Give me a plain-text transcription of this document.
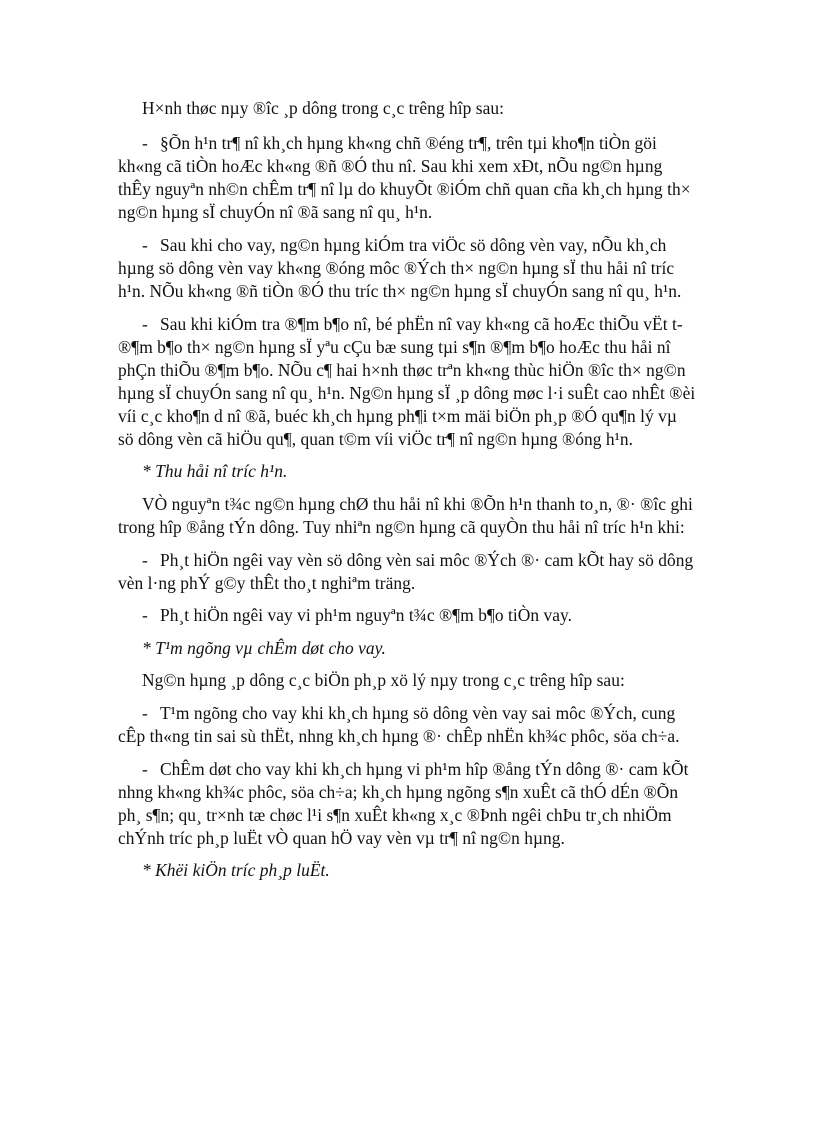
H×nh thøc nµy ®îc ¸p dông trong c¸c trêng hîp sau:

- §Õn h¹n tr¶ nî kh¸ch hµng kh«ng chñ ®éng tr¶, trên tµi kho¶n tiÒn göi kh«ng cã tiÒn hoÆc kh«ng ®ñ ®Ó thu nî. Sau khi xem xÐt, nÕu ng©n hµng thÊy nguyªn nh©n chÊm tr¶ nî lµ do khuyÕt ®iÓm chñ quan cña kh¸ch hµng th× ng©n hµng sÏ chuyÓn nî ®ã sang nî qu¸ h¹n.

- Sau khi cho vay, ng©n hµng kiÓm tra viÖc sö dông vèn vay, nÕu kh¸ch hµng sö dông vèn vay kh«ng ®óng môc ®Ých th× ng©n hµng sÏ thu håi nî tríc h¹n. NÕu kh«ng ®ñ tiÒn ®Ó thu tríc th× ng©n hµng sÏ chuyÓn sang nî qu¸ h¹n.

- Sau khi kiÓm tra ®¶m b¶o nî, bé phËn nî vay kh«ng cã hoÆc thiÕu vËt t ®¶m b¶o th× ng©n hµng sÏ yªu cÇu bæ sung tµi s¶n ®¶m b¶o hoÆc thu håi nî phÇn thiÕu ®¶m b¶o. NÕu c¶ hai h×nh thøc trªn kh«ng thùc hiÖn ®îc th× ng©n hµng sÏ chuyÓn sang nî qu¸ h¹n. Ng©n hµng sÏ ¸p dông møc l·i suÊt cao nhÊt ®èi víi c¸c kho¶n d nî ®ã, buéc kh¸ch hµng ph¶i t×m mäi biÖn ph¸p ®Ó qu¶n lý vµ sö dông vèn cã hiÖu qu¶, quan t©m víi viÖc tr¶ nî ng©n hµng ®óng h¹n.

* Thu håi nî tríc h¹n.

VÒ nguyªn t¾c ng©n hµng chØ thu håi nî khi ®Õn h¹n thanh to¸n, ®· ®îc ghi trong hîp ®ång tÝn dông. Tuy nhiªn ng©n hµng cã quyÒn thu håi nî tríc h¹n khi:

- Ph¸t hiÖn ngêi vay vèn sö dông vèn sai môc ®Ých ®· cam kÕt hay sö dông vèn l·ng phÝ g©y thÊt tho¸t nghiªm träng.

- Ph¸t hiÖn ngêi vay vi ph¹m nguyªn t¾c ®¶m b¶o tiÒn vay.

* T¹m ngõng vµ chÊm døt cho vay.

Ng©n hµng ¸p dông c¸c biÖn ph¸p xö lý nµy trong c¸c trêng hîp sau:

- T¹m ngõng cho vay khi kh¸ch hµng sö dông vèn vay sai môc ®Ých, cung cÊp th«ng tin sai sù thËt, nhng kh¸ch hµng ®· chÊp nhËn kh¾c phôc, söa ch÷a.

- ChÊm døt cho vay khi kh¸ch hµng vi ph¹m hîp ®ång tÝn dông ®· cam kÕt nhng kh«ng kh¾c phôc, söa ch÷a; kh¸ch hµng ngõng s¶n xuÊt cã thÓ dÉn ®Õn ph¸ s¶n; qu¸ tr×nh tæ chøc l¹i s¶n xuÊt kh«ng x¸c ®Þnh ngêi chÞu tr¸ch nhiÖm chÝnh tríc ph¸p luËt vÒ quan hÖ vay vèn vµ tr¶ nî ng©n hµng.

* Khëi kiÖn tríc ph¸p luËt.
